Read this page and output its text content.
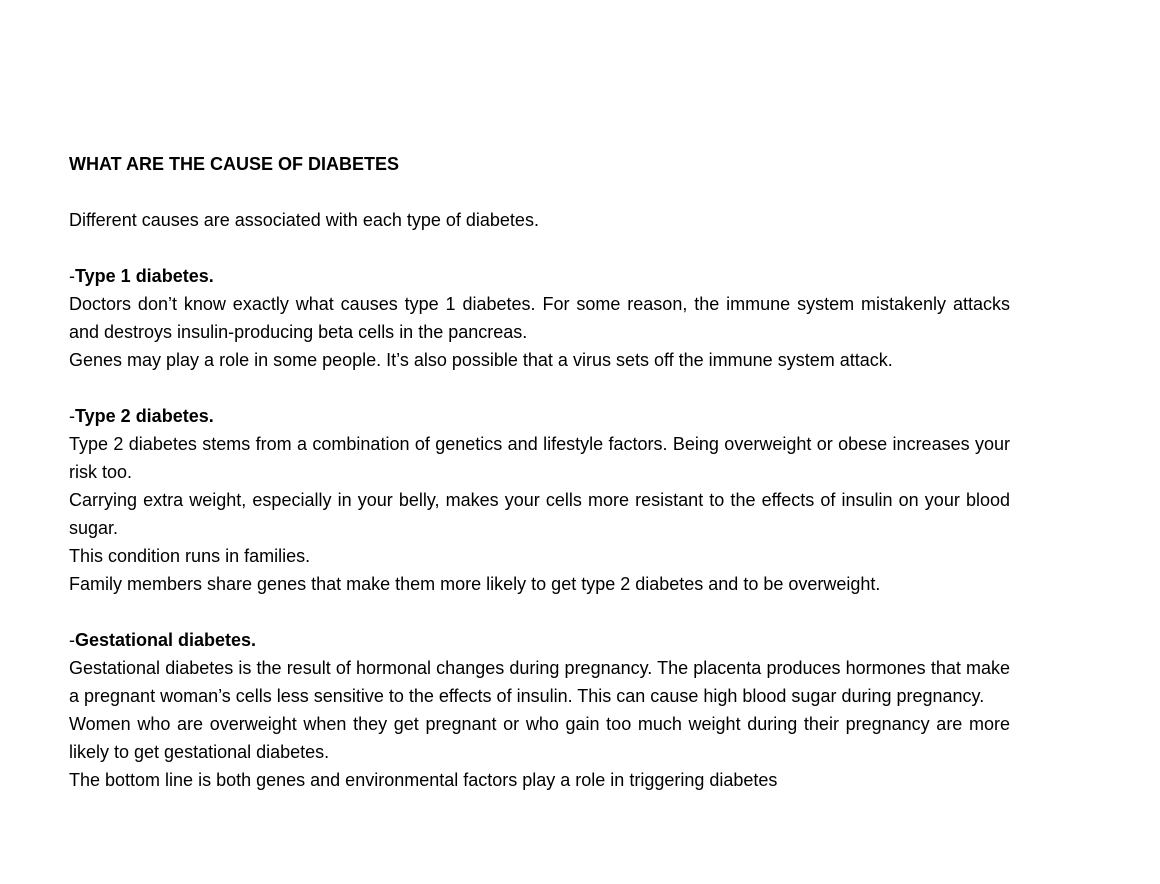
WHAT ARE THE CAUSE OF DIABETES

Different causes are associated with each type of diabetes.

-Type 1 diabetes.

Doctors don’t know exactly what causes type 1 diabetes. For some reason, the immune system mistakenly attacks and destroys insulin-producing beta cells in the pancreas.

Genes may play a role in some people. It’s also possible that a virus sets off the immune system attack.

-Type 2 diabetes.

Type 2 diabetes stems from a combination of genetics and lifestyle factors. Being overweight or obese increases your risk too.

Carrying extra weight, especially in your belly, makes your cells more resistant to the effects of insulin on your blood sugar.

This condition runs in families.

Family members share genes that make them more likely to get type 2 diabetes and to be overweight.

-Gestational diabetes.

Gestational diabetes is the result of hormonal changes during pregnancy. The placenta produces hormones that make a pregnant woman’s cells less sensitive to the effects of insulin. This can cause high blood sugar during pregnancy.

Women who are overweight when they get pregnant or who gain too much weight during their pregnancy are more likely to get gestational diabetes.

The bottom line is both genes and environmental factors play a role in triggering diabetes
